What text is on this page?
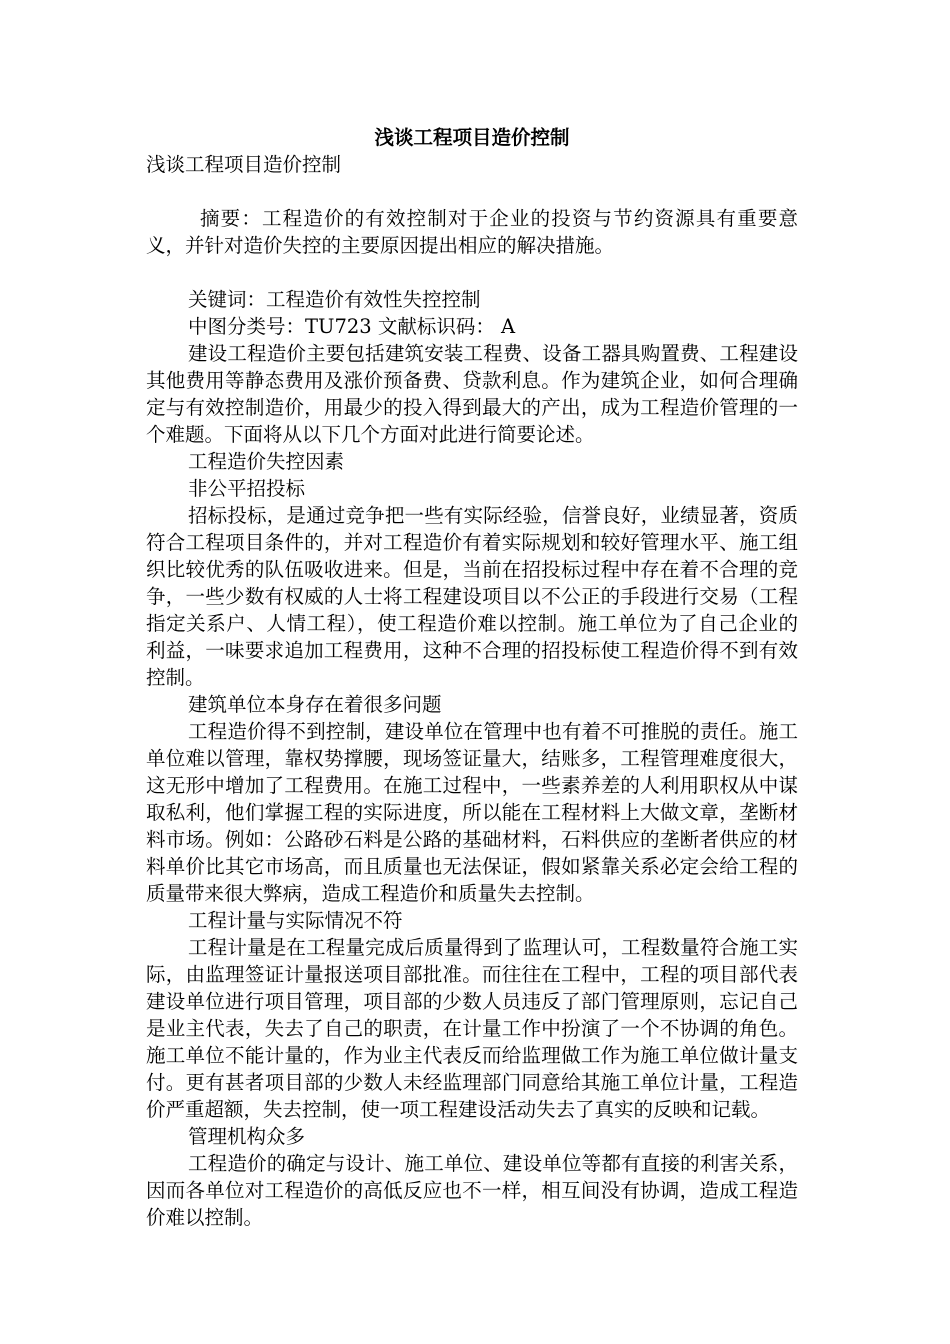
浅谈工程项目造价控制
浅谈工程项目造价控制

摘要：工程造价的有效控制对于企业的投资与节约资源具有重要意义，并针对造价失控的主要原因提出相应的解决措施。

关键词：工程造价有效性失控控制

中图分类号：TU723 文献标识码： A

建设工程造价主要包括建筑安装工程费、设备工器具购置费、工程建设其他费用等静态费用及涨价预备费、贷款利息。作为建筑企业，如何合理确定与有效控制造价，用最少的投入得到最大的产出，成为工程造价管理的一个难题。下面将从以下几个方面对此进行简要论述。

工程造价失控因素
非公平招投标

招标投标，是通过竞争把一些有实际经验，信誉良好，业绩显著，资质符合工程项目条件的，并对工程造价有着实际规划和较好管理水平、施工组织比较优秀的队伍吸收进来。但是，当前在招投标过程中存在着不合理的竞争，一些少数有权威的人士将工程建设项目以不公正的手段进行交易（工程指定关系户、人情工程），使工程造价难以控制。施工单位为了自己企业的利益，一味要求追加工程费用，这种不合理的招投标使工程造价得不到有效控制。

建筑单位本身存在着很多问题

工程造价得不到控制，建设单位在管理中也有着不可推脱的责任。施工单位难以管理，靠权势撑腰，现场签证量大，结账多，工程管理难度很大，这无形中增加了工程费用。在施工过程中，一些素养差的人利用职权从中谋取私利，他们掌握工程的实际进度，所以能在工程材料上大做文章，垄断材料市场。例如：公路砂石料是公路的基础材料，石料供应的垄断者供应的材料单价比其它市场高，而且质量也无法保证，假如紧靠关系必定会给工程的质量带来很大弊病，造成工程造价和质量失去控制。

工程计量与实际情况不符

工程计量是在工程量完成后质量得到了监理认可，工程数量符合施工实际，由监理签证计量报送项目部批准。而往往在工程中，工程的项目部代表建设单位进行项目管理，项目部的少数人员违反了部门管理原则，忘记自己是业主代表，失去了自己的职责，在计量工作中扮演了一个不协调的角色。施工单位不能计量的，作为业主代表反而给监理做工作为施工单位做计量支付。更有甚者项目部的少数人未经监理部门同意给其施工单位计量，工程造价严重超额，失去控制，使一项工程建设活动失去了真实的反映和记载。

管理机构众多

工程造价的确定与设计、施工单位、建设单位等都有直接的利害关系，因而各单位对工程造价的高低反应也不一样，相互间没有协调，造成工程造价难以控制。
